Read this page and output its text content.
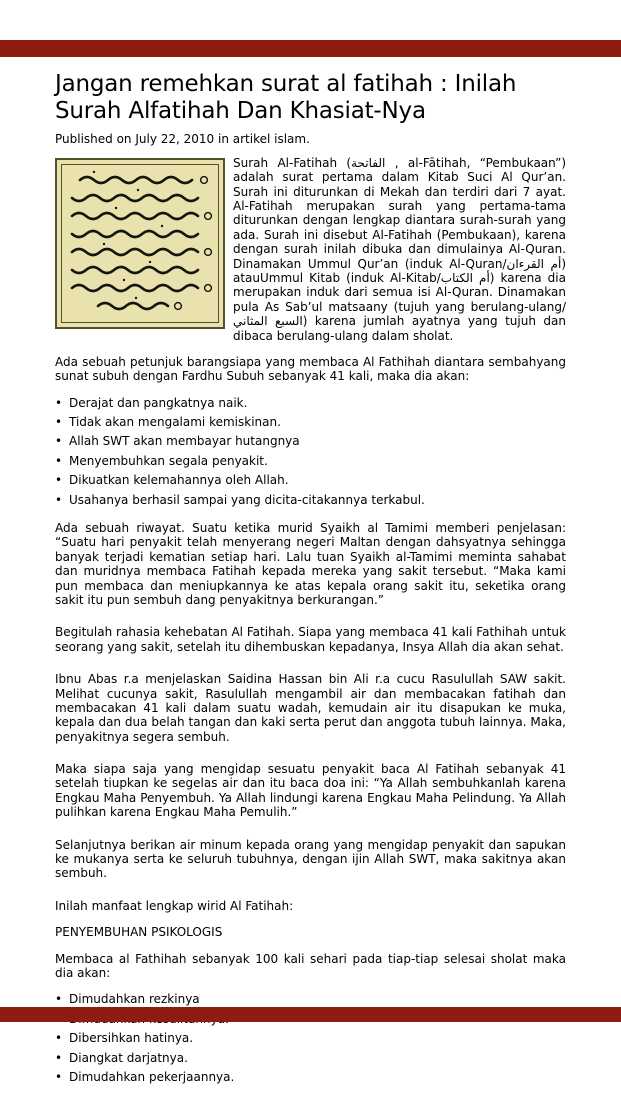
Jangan remehkan surat al fatihah : Inilah Surah Alfatihah Dan Khasiat-Nya
Published on July 22, 2010 in artikel islam.

Surah Al-Fatihah (الفاتحة , al-Fātihah, “Pembukaan”) adalah surat pertama dalam Kitab Suci Al Qur’an. Surah ini diturunkan di Mekah dan terdiri dari 7 ayat. Al-Fatihah merupakan surah yang pertama-tama diturunkan dengan lengkap diantara surah-surah yang ada. Surah ini disebut Al-Fatihah (Pembukaan), karena dengan surah inilah dibuka dan dimulainya Al-Quran. Dinamakan Ummul Qur’an (induk Al-Quran/أم القرءان) atauUmmul Kitab (induk Al-Kitab/أم الكتاب) karena dia merupakan induk dari semua isi Al-Quran. Dinamakan pula As Sab’ul matsaany (tujuh yang berulang-ulang/السبع المثاني) karena jumlah ayatnya yang tujuh dan dibaca berulang-ulang dalam sholat.

Ada sebuah petunjuk barangsiapa yang membaca Al Fathihah diantara sembahyang sunat subuh dengan Fardhu Subuh sebanyak 41 kali, maka dia akan:

• Derajat dan pangkatnya naik.
• Tidak akan mengalami kemiskinan.
• Allah SWT akan membayar hutangnya
• Menyembuhkan segala penyakit.
• Dikuatkan kelemahannya oleh Allah.
• Usahanya berhasil sampai yang dicita-citakannya terkabul.

Ada sebuah riwayat. Suatu ketika murid Syaikh al Tamimi memberi penjelasan: “Suatu hari penyakit telah menyerang negeri Maltan dengan dahsyatnya sehingga banyak terjadi kematian setiap hari. Lalu tuan Syaikh al-Tamimi meminta sahabat dan muridnya membaca Fatihah kepada mereka yang sakit tersebut. “Maka kami pun membaca dan meniupkannya ke atas kepala orang sakit itu, seketika orang sakit itu pun sembuh dang penyakitnya berkurangan.”

Begitulah rahasia kehebatan Al Fatihah. Siapa yang membaca 41 kali Fathihah untuk seorang yang sakit, setelah itu dihembuskan kepadanya, Insya Allah dia akan sehat.

Ibnu Abas r.a menjelaskan Saidina Hassan bin Ali r.a cucu Rasulullah SAW sakit. Melihat cucunya sakit, Rasulullah mengambil air dan membacakan fatihah dan membacakan 41 kali dalam suatu wadah, kemudain air itu disapukan ke muka, kepala dan dua belah tangan dan kaki serta perut dan anggota tubuh lainnya. Maka, penyakitnya segera sembuh.

Maka siapa saja yang mengidap sesuatu penyakit baca Al Fatihah sebanyak 41 setelah tiupkan ke segelas air dan itu baca doa ini: “Ya Allah sembuhkanlah karena Engkau Maha Penyembuh. Ya Allah lindungi karena Engkau Maha Pelindung. Ya Allah pulihkan karena Engkau Maha Pemulih.”

Selanjutnya berikan air minum kepada orang yang mengidap penyakit dan sapukan ke mukanya serta ke seluruh tubuhnya, dengan ijin Allah SWT, maka sakitnya akan sembuh.

Inilah manfaat lengkap wirid Al Fatihah:

PENYEMBUHAN PSIKOLOGIS

Membaca al Fathihah sebanyak 100 kali sehari pada tiap-tiap selesai sholat maka dia akan:

• Dimudahkan rezkinya
• Dibersihkan hatinya.
• Diangkat darjatnya.
• Dimudahkan pekerjaannya.
